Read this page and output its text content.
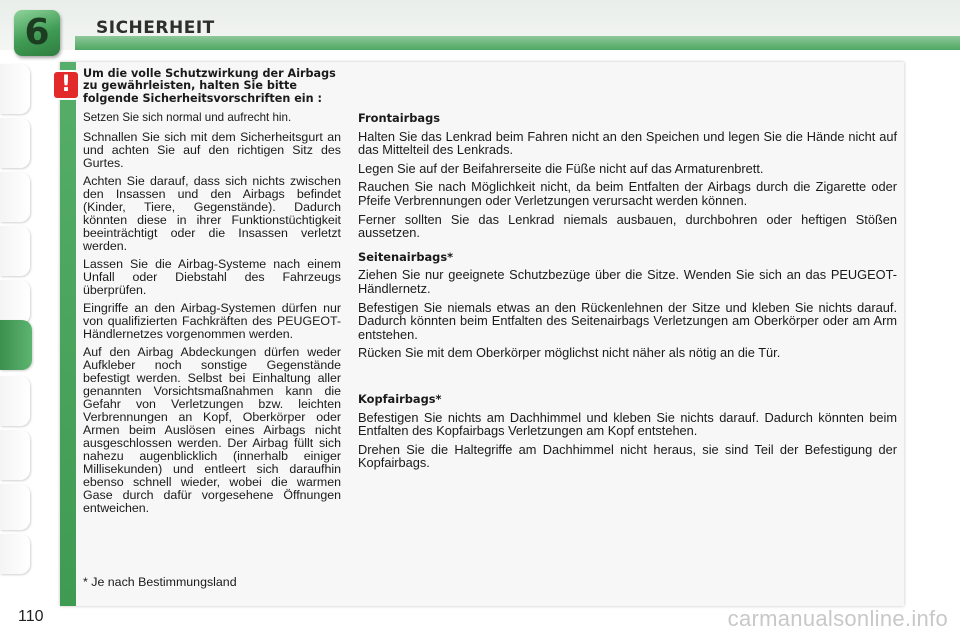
6	SICHERHEIT
! Um die volle Schutzwirkung der Airbags zu gewährleisten, halten Sie bitte folgende Sicherheitsvorschriften ein :

Setzen Sie sich normal und aufrecht hin.

Schnallen Sie sich mit dem Sicherheitsgurt an und achten Sie auf den richtigen Sitz des Gurtes.

Achten Sie darauf, dass sich nichts zwischen den Insassen und den Airbags befindet (Kinder, Tiere, Gegenstände). Dadurch könnten diese in ihrer Funktionstüchtigkeit beeinträchtigt oder die Insassen verletzt werden.

Lassen Sie die Airbag-Systeme nach einem Unfall oder Diebstahl des Fahrzeugs überprüfen.

Eingriffe an den Airbag-Systemen dürfen nur von qualifizierten Fachkräften des PEUGEOT-Händlernetzes vorgenommen werden.

Auf den Airbag Abdeckungen dürfen weder Aufkleber noch sonstige Gegenstände befestigt werden. Selbst bei Einhaltung aller genannten Vorsichtsmaßnahmen kann die Gefahr von Verletzungen bzw. leichten Verbrennungen an Kopf, Oberkörper oder Armen beim Auslösen eines Airbags nicht ausgeschlossen werden. Der Airbag füllt sich nahezu augenblicklich (innerhalb einiger Millisekunden) und entleert sich daraufhin ebenso schnell wieder, wobei die warmen Gase durch dafür vorgesehene Öffnungen entweichen.

* Je nach Bestimmungsland
Frontairbags

Halten Sie das Lenkrad beim Fahren nicht an den Speichen und legen Sie die Hände nicht auf das Mittelteil des Lenkrads.

Legen Sie auf der Beifahrerseite die Füße nicht auf das Armaturenbrett.

Rauchen Sie nach Möglichkeit nicht, da beim Entfalten der Airbags durch die Zigarette oder Pfeife Verbrennungen oder Verletzungen verursacht werden können.

Ferner sollten Sie das Lenkrad niemals ausbauen, durchbohren oder heftigen Stößen aussetzen.

Seitenairbags*

Ziehen Sie nur geeignete Schutzbezüge über die Sitze. Wenden Sie sich an das PEUGEOT-Händlernetz.

Befestigen Sie niemals etwas an den Rückenlehnen der Sitze und kleben Sie nichts darauf. Dadurch könnten beim Entfalten des Seitenairbags Verletzungen am Oberkörper oder am Arm entstehen.

Rücken Sie mit dem Oberkörper möglichst nicht näher als nötig an die Tür.

Kopfairbags*

Befestigen Sie nichts am Dachhimmel und kleben Sie nichts darauf. Dadurch könnten beim Entfalten des Kopfairbags Verletzungen am Kopf entstehen.

Drehen Sie die Haltegriffe am Dachhimmel nicht heraus, sie sind Teil der Befestigung der Kopfairbags.

110	carmanualsonline.info
